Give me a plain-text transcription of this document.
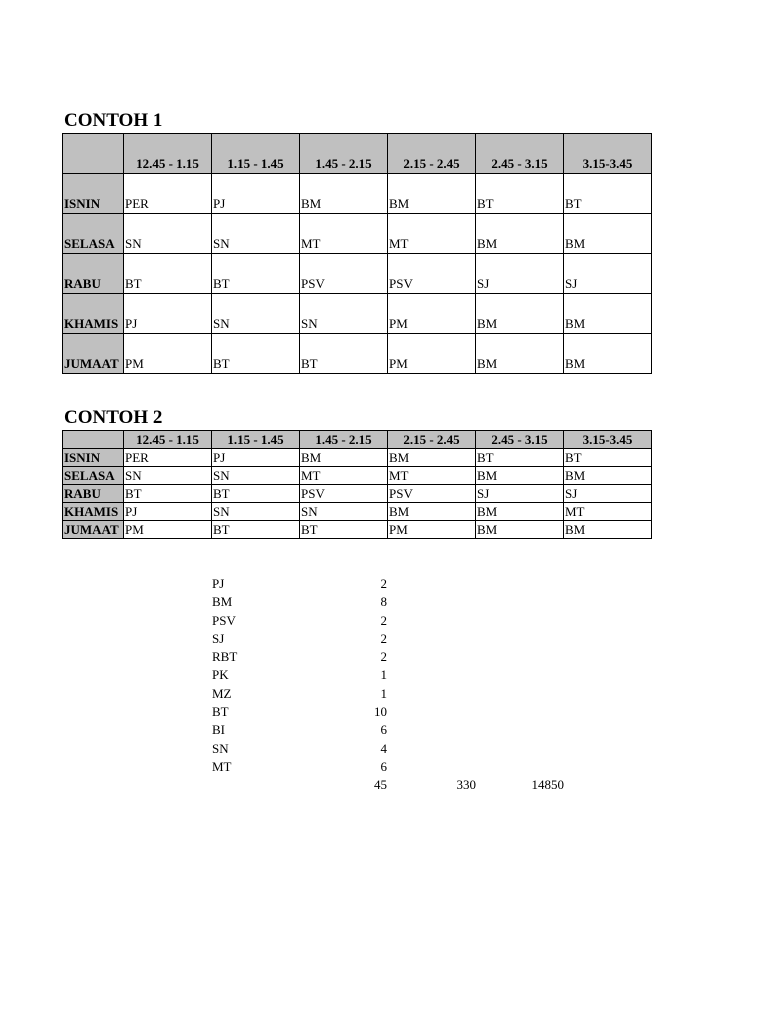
CONTOH 1
	12.45 - 1.15	1.15 - 1.45	1.45 - 2.15	2.15 - 2.45	2.45 - 3.15	3.15-3.45
ISNIN	PER	PJ	BM	BM	BT	BT
SELASA	SN	SN	MT	MT	BM	BM
RABU	BT	BT	PSV	PSV	SJ	SJ
KHAMIS	PJ	SN	SN	PM	BM	BM
JUMAAT	PM	BT	BT	PM	BM	BM
CONTOH 2
	12.45 - 1.15	1.15 - 1.45	1.45 - 2.15	2.15 - 2.45	2.45 - 3.15	3.15-3.45
ISNIN	PER	PJ	BM	BM	BT	BT
SELASA	SN	SN	MT	MT	BM	BM
RABU	BT	BT	PSV	PSV	SJ	SJ
KHAMIS	PJ	SN	SN	BM	BM	MT
JUMAAT	PM	BT	BT	PM	BM	BM
PJ	2
BM	8
PSV	2
SJ	2
RBT	2
PK	1
MZ	1
BT	10
BI	6
SN	4
MT	6
45	330	14850
